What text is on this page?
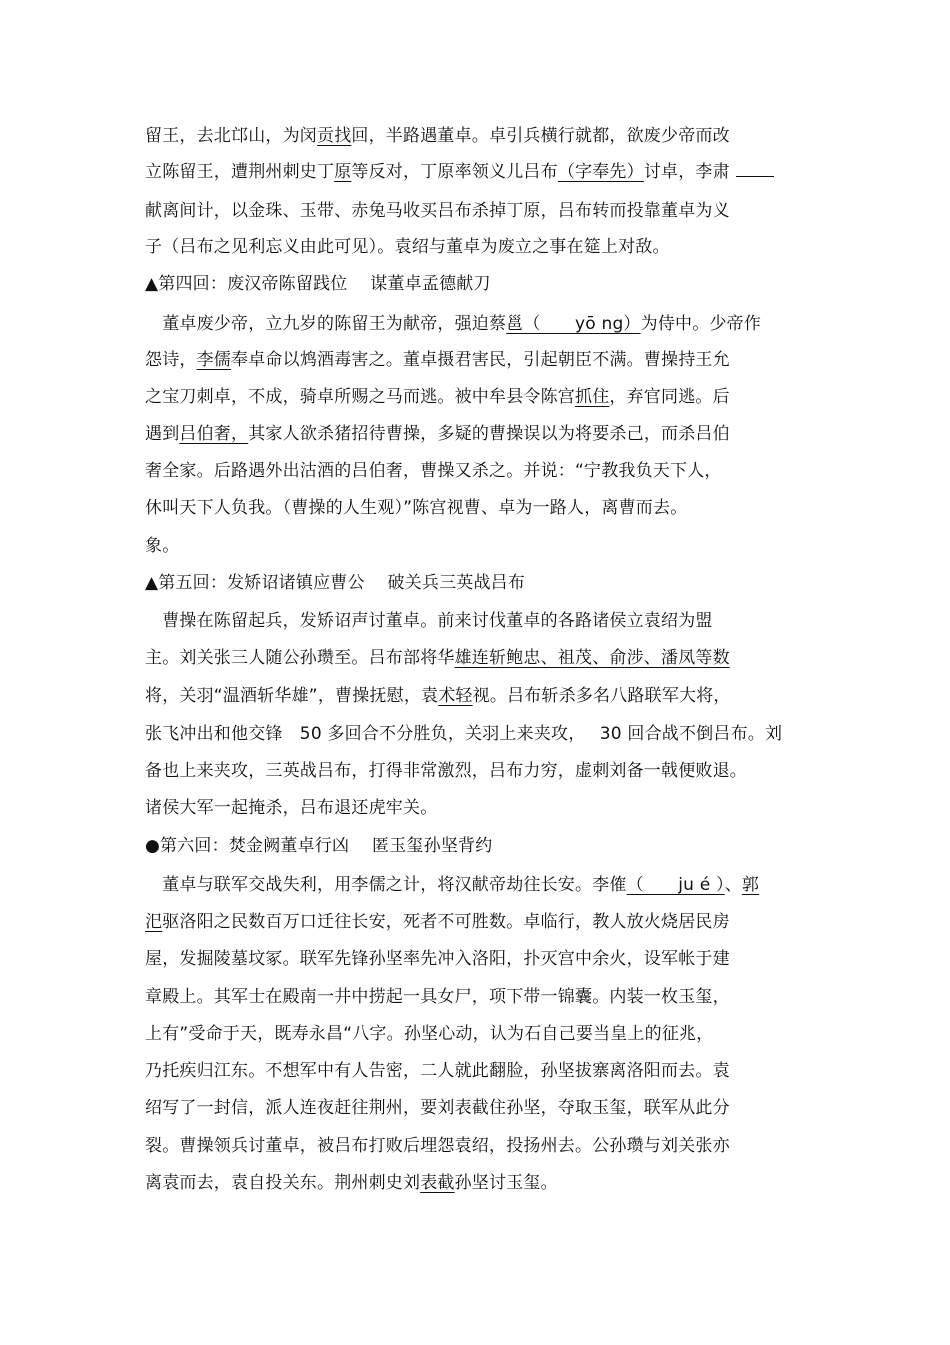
留王，去北邙山，为闵贡找回，半路遇董卓。卓引兵横行就都，欲废少帝而改
立陈留王，遭荆州刺史丁原等反对，丁原率领义儿吕布（字奉先）讨卓，李肃
献离间计，以金珠、玉带、赤兔马收买吕布杀掉丁原，吕布转而投靠董卓为义
子（吕布之见利忘义由此可见）。袁绍与董卓为废立之事在筵上对敌。
▲第四回：废汉帝陈留践位　 谋董卓孟德献刀
　董卓废少帝，立九岁的陈留王为献帝，强迫蔡邕（　　yō ng）为侍中。少帝作
怨诗，李儒奉卓命以鸩酒毒害之。董卓摄君害民，引起朝臣不满。曹操持王允
之宝刀刺卓，不成，骑卓所赐之马而逃。被中牟县令陈宫抓住，弃官同逃。后
遇到吕伯奢，其家人欲杀猪招待曹操，多疑的曹操误以为将要杀己，而杀吕伯
奢全家。后路遇外出沽酒的吕伯奢，曹操又杀之。并说：“宁教我负天下人，
休叫天下人负我。（曹操的人生观）”陈宫视曹、卓为一路人，离曹而去。
象。
▲第五回：发矫诏诸镇应曹公　 破关兵三英战吕布
　曹操在陈留起兵，发矫诏声讨董卓。前来讨伐董卓的各路诸侯立袁绍为盟
主。刘关张三人随公孙瓒至。吕布部将华雄连斩鲍忠、祖茂、俞涉、潘凤等数
将，关羽“温酒斩华雄”，曹操抚慰，袁术轻视。吕布斩杀多名八路联军大将，
张飞冲出和他交锋　50 多回合不分胜负，关羽上来夹攻，　 30 回合战不倒吕布。刘
备也上来夹攻，三英战吕布，打得非常激烈，吕布力穷，虚刺刘备一戟便败退。
诸侯大军一起掩杀，吕布退还虎牢关。
●第六回：焚金阙董卓行凶　 匿玉玺孙坚背约
　董卓与联军交战失利，用李儒之计，将汉献帝劫往长安。李傕（　　ju é ）、郭
汜驱洛阳之民数百万口迁往长安，死者不可胜数。卓临行，教人放火烧居民房
屋，发掘陵墓坟冢。联军先锋孙坚率先冲入洛阳，扑灭宫中余火，设军帐于建
章殿上。其军士在殿南一井中捞起一具女尸，项下带一锦囊。内装一枚玉玺，
上有”受命于天，既寿永昌“八字。孙坚心动，认为石自己要当皇上的征兆，
乃托疾归江东。不想军中有人告密，二人就此翻脸，孙坚拔寨离洛阳而去。袁
绍写了一封信，派人连夜赶往荆州，要刘表截住孙坚，夺取玉玺，联军从此分
裂。曹操领兵讨董卓，被吕布打败后埋怨袁绍，投扬州去。公孙瓒与刘关张亦
离袁而去，袁自投关东。荆州刺史刘表截孙坚讨玉玺。
